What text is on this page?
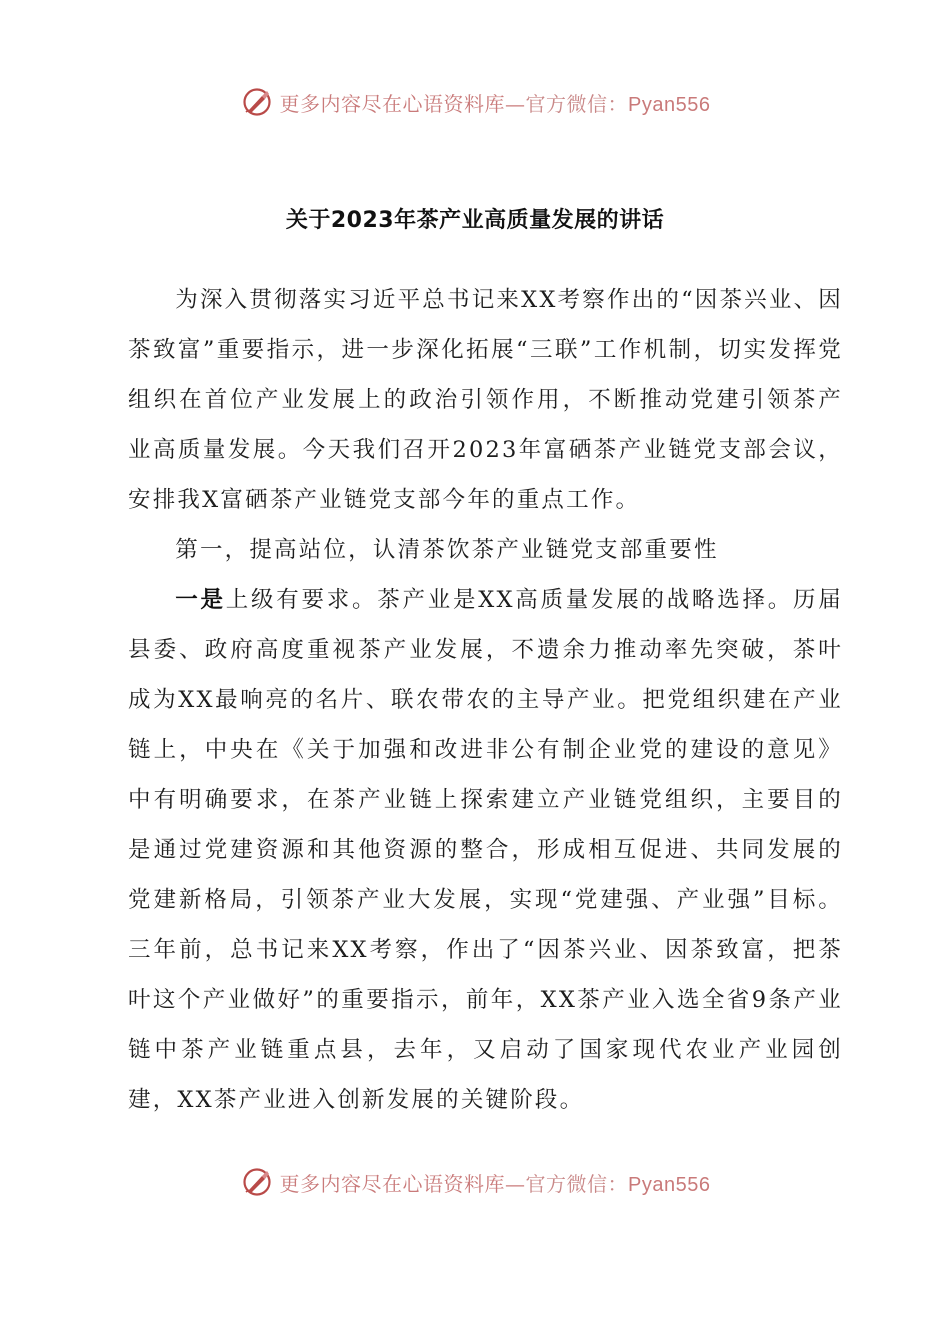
更多内容尽在心语资料库—官方微信：Pyan556
关于2023年茶产业高质量发展的讲话

为深入贯彻落实习近平总书记来XX考察作出的“因茶兴业、因茶致富”重要指示，进一步深化拓展“三联”工作机制，切实发挥党组织在首位产业发展上的政治引领作用，不断推动党建引领茶产业高质量发展。今天我们召开2023年富硒茶产业链党支部会议，安排我X富硒茶产业链党支部今年的重点工作。

第一，提高站位，认清茶饮茶产业链党支部重要性

一是上级有要求。茶产业是XX高质量发展的战略选择。历届县委、政府高度重视茶产业发展，不遗余力推动率先突破，茶叶成为XX最响亮的名片、联农带农的主导产业。把党组织建在产业链上，中央在《关于加强和改进非公有制企业党的建设的意见》中有明确要求，在茶产业链上探索建立产业链党组织，主要目的是通过党建资源和其他资源的整合，形成相互促进、共同发展的党建新格局，引领茶产业大发展，实现“党建强、产业强”目标。三年前，总书记来XX考察，作出了“因茶兴业、因茶致富，把茶叶这个产业做好”的重要指示，前年，XX茶产业入选全省9条产业链中茶产业链重点县，去年，又启动了国家现代农业产业园创建，XX茶产业进入创新发展的关键阶段。

更多内容尽在心语资料库—官方微信：Pyan556
